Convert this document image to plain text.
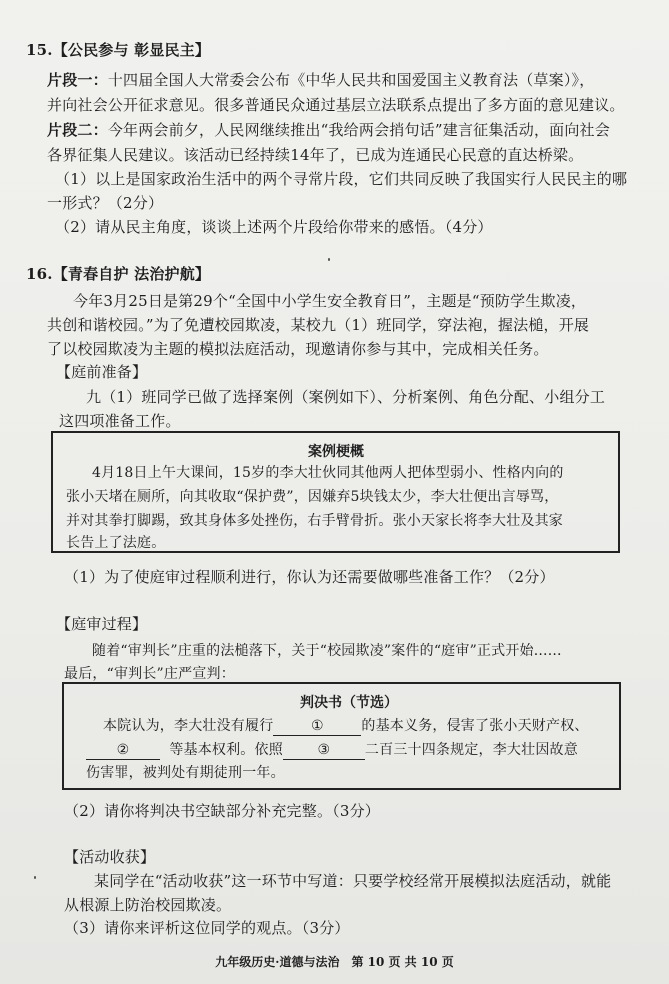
15.【公民参与 彰显民主】
片段一：十四届全国人大常委会公布《中华人民共和国爱国主义教育法（草案）》，
并向社会公开征求意见。很多普通民众通过基层立法联系点提出了多方面的意见建议。
片段二：今年两会前夕，人民网继续推出“我给两会捎句话”建言征集活动，面向社会
各界征集人民建议。该活动已经持续14年了，已成为连通民心民意的直达桥梁。
（1）以上是国家政治生活中的两个寻常片段，它们共同反映了我国实行人民民主的哪
一形式？（2分）
（2）请从民主角度，谈谈上述两个片段给你带来的感悟。（4分）
16.【青春自护 法治护航】
今年3月25日是第29个“全国中小学生安全教育日”，主题是“预防学生欺凌，
共创和谐校园。”为了免遭校园欺凌，某校九（1）班同学，穿法袍，握法槌，开展
了以校园欺凌为主题的模拟法庭活动，现邀请你参与其中，完成相关任务。
【庭前准备】
九（1）班同学已做了选择案例（案例如下）、分析案例、角色分配、小组分工
这四项准备工作。
案例梗概
4月18日上午大课间，15岁的李大壮伙同其他两人把体型弱小、性格内向的
张小天堵在厕所，向其收取“保护费”，因嫌弃5块钱太少，李大壮便出言辱骂，
并对其拳打脚踢，致其身体多处挫伤，右手臂骨折。张小天家长将李大壮及其家
长告上了法庭。
（1）为了使庭审过程顺利进行，你认为还需要做哪些准备工作？（2分）
【庭审过程】
随着“审判长”庄重的法槌落下，关于“校园欺凌”案件的“庭审”正式开始......
最后，“审判长”庄严宣判：
判决书（节选）
本院认为，李大壮没有履行	①	的基本义务，侵害了张小天财产权、
②	等基本权利。依照 ③ 二百三十四条规定，李大壮因故意
伤害罪，被判处有期徒刑一年。
（2）请你将判决书空缺部分补充完整。（3分）
【活动收获】
某同学在“活动收获”这一环节中写道：只要学校经常开展模拟法庭活动，就能
从根源上防治校园欺凌。
（3）请你来评析这位同学的观点。（3分）
九年级历史·道德与法治　第 10 页 共 10 页
